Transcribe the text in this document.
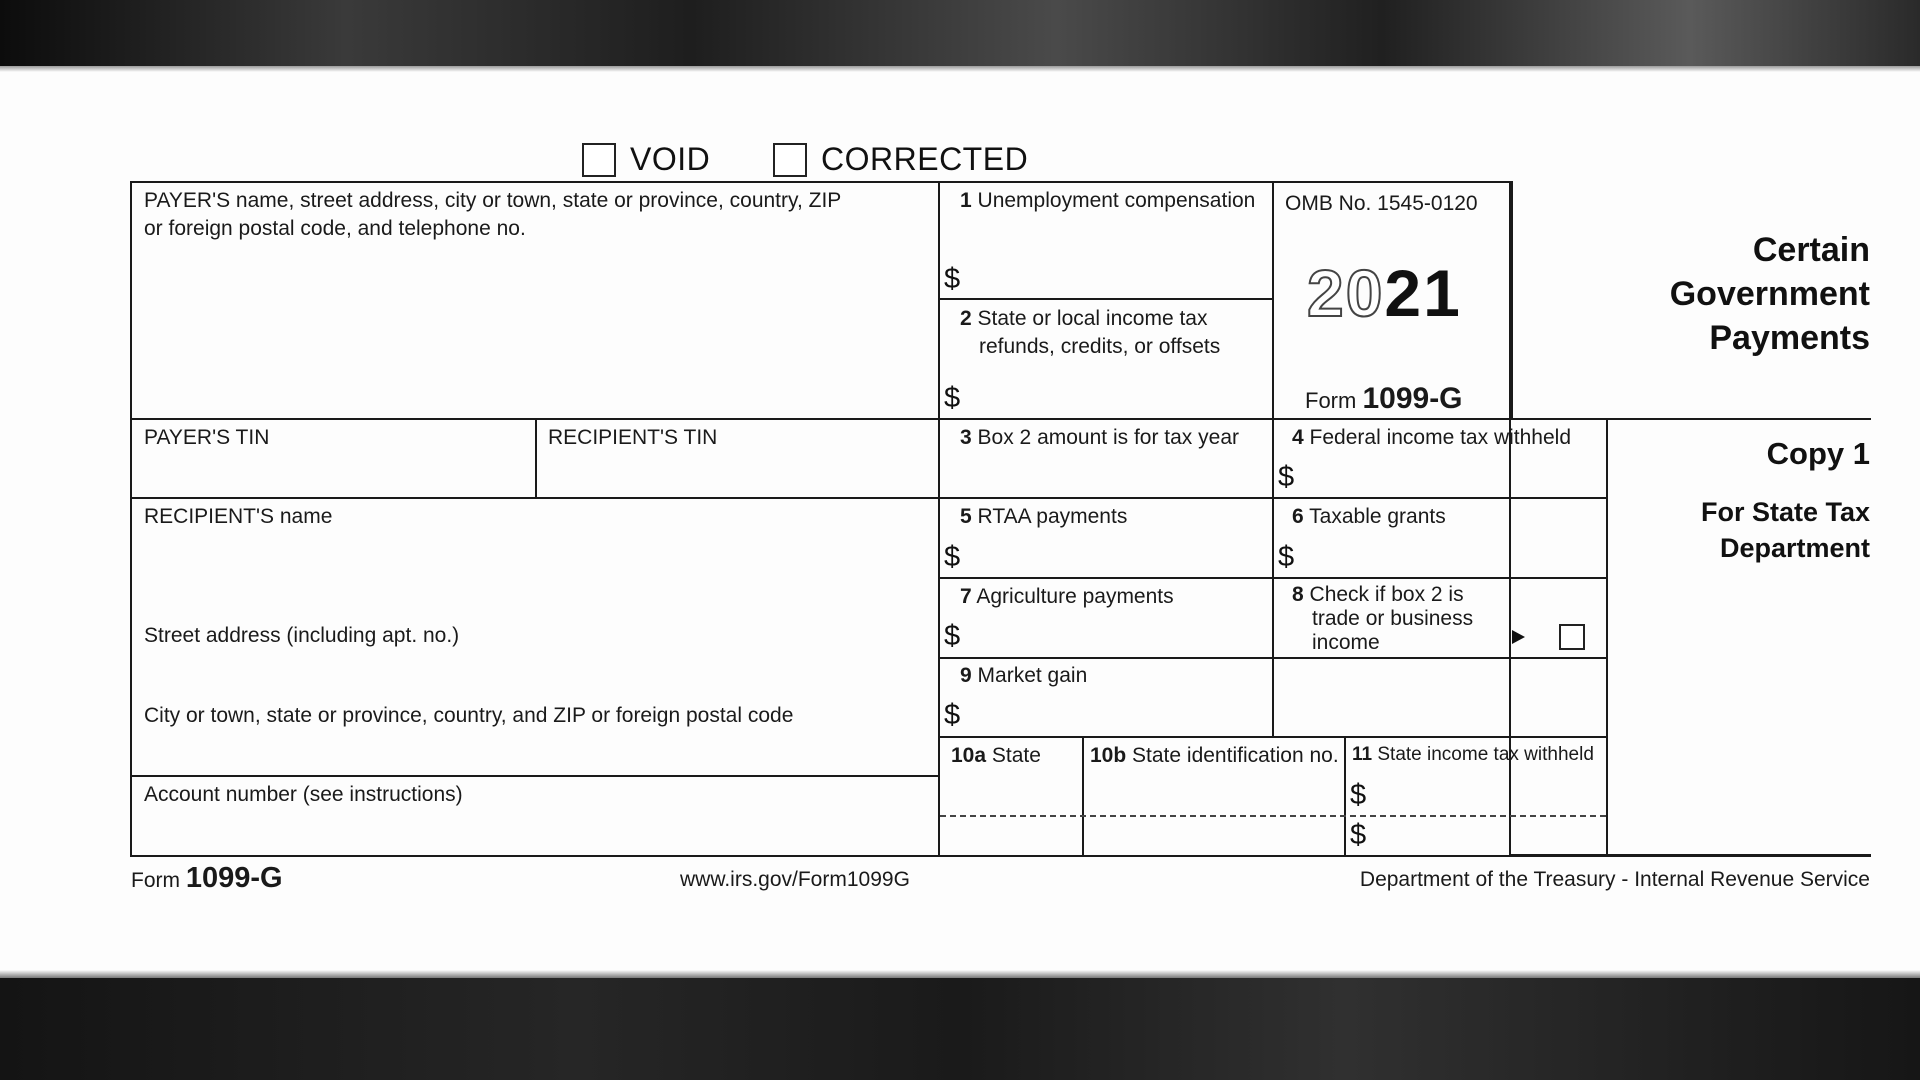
VOID	CORRECTED
PAYER'S name, street address, city or town, state or province, country, ZIP
or foreign postal code, and telephone no.
1 Unemployment compensation
$
OMB No. 1545-0120
2021
Form 1099-G
Certain
Government
Payments
2 State or local income tax
refunds, credits, or offsets
$
PAYER'S TIN	RECIPIENT'S TIN	3 Box 2 amount is for tax year	4 Federal income tax withheld
$
Copy 1
For State Tax
Department
RECIPIENT'S name
Street address (including apt. no.)
City or town, state or province, country, and ZIP or foreign postal code
5 RTAA payments
$
6 Taxable grants
$
7 Agriculture payments
$
8 Check if box 2 is
trade or business
income
9 Market gain
$
Account number (see instructions)
10a State 10b State identification no. 11 State income tax withheld
$
$
Form 1099-G	www.irs.gov/Form1099G	Department of the Treasury - Internal Revenue Service
